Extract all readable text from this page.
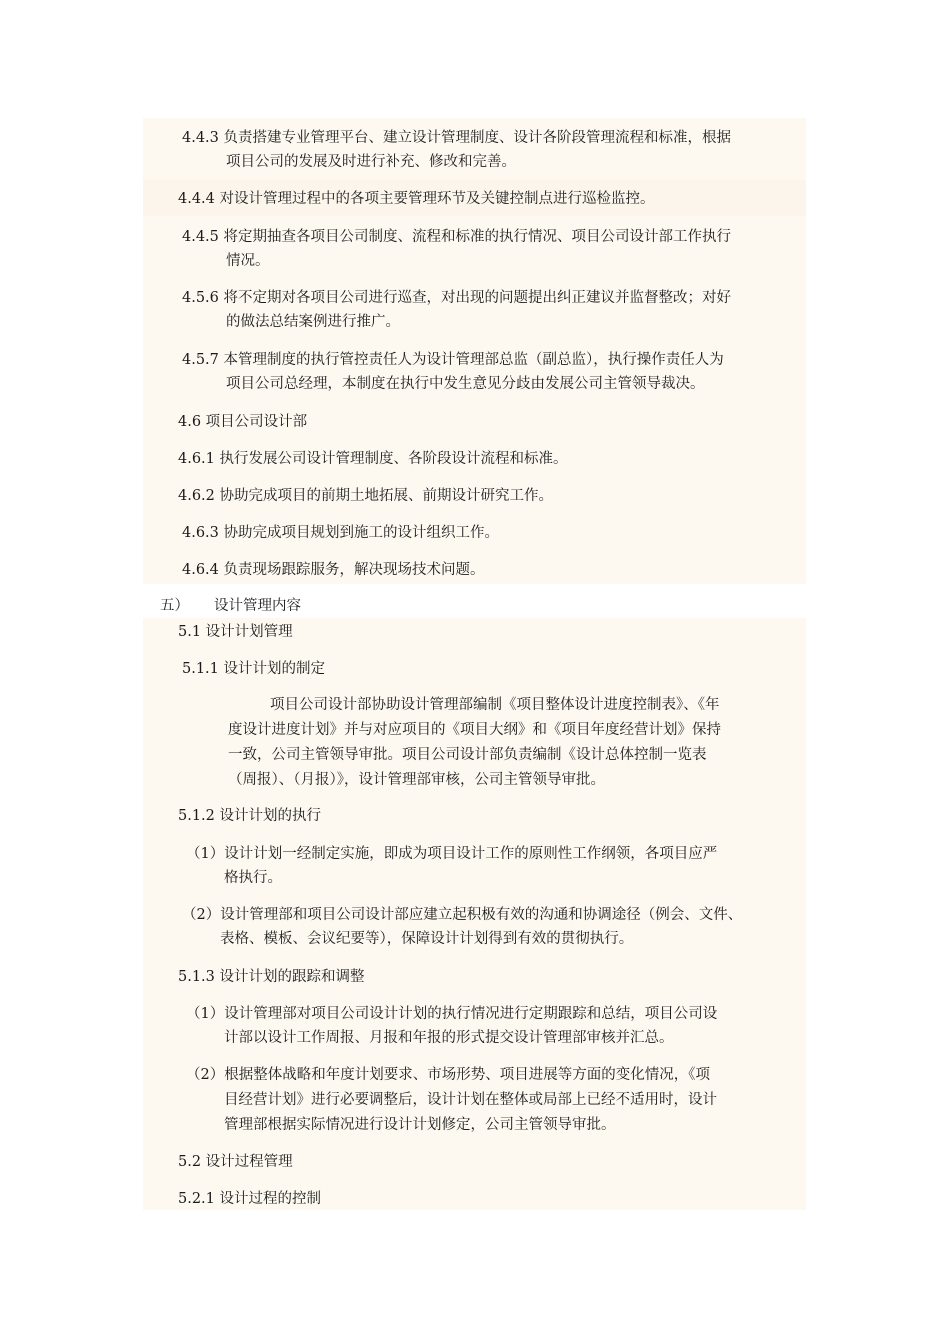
4.4.3 负责搭建专业管理平台、建立设计管理制度、设计各阶段管理流程和标准，根据
项目公司的发展及时进行补充、修改和完善。
4.4.4 对设计管理过程中的各项主要管理环节及关键控制点进行巡检监控。
4.4.5 将定期抽查各项目公司制度、流程和标准的执行情况、项目公司设计部工作执行
情况。
4.5.6 将不定期对各项目公司进行巡查，对出现的问题提出纠正建议并监督整改；对好
的做法总结案例进行推广。
4.5.7 本管理制度的执行管控责任人为设计管理部总监（副总监），执行操作责任人为
项目公司总经理，本制度在执行中发生意见分歧由发展公司主管领导裁决。
4.6 项目公司设计部
4.6.1 执行发展公司设计管理制度、各阶段设计流程和标准。
4.6.2 协助完成项目的前期土地拓展、前期设计研究工作。
4.6.3 协助完成项目规划到施工的设计组织工作。
4.6.4 负责现场跟踪服务，解决现场技术问题。
五） 设计管理内容
5.1 设计计划管理
5.1.1 设计计划的制定
项目公司设计部协助设计管理部编制《项目整体设计进度控制表》、《年
度设计进度计划》并与对应项目的《项目大纲》和《项目年度经营计划》保持
一致，公司主管领导审批。项目公司设计部负责编制《设计总体控制一览表
（周报）、（月报）》，设计管理部审核，公司主管领导审批。
5.1.2 设计计划的执行
（1）设计计划一经制定实施，即成为项目设计工作的原则性工作纲领，各项目应严
格执行。
（2）设计管理部和项目公司设计部应建立起积极有效的沟通和协调途径（例会、文件、
表格、模板、会议纪要等），保障设计计划得到有效的贯彻执行。
5.1.3 设计计划的跟踪和调整
（1）设计管理部对项目公司设计计划的执行情况进行定期跟踪和总结，项目公司设
计部以设计工作周报、月报和年报的形式提交设计管理部审核并汇总。
（2）根据整体战略和年度计划要求、市场形势、项目进展等方面的变化情况，《项
目经营计划》进行必要调整后，设计计划在整体或局部上已经不适用时，设计
管理部根据实际情况进行设计计划修定，公司主管领导审批。
5.2 设计过程管理
5.2.1 设计过程的控制
